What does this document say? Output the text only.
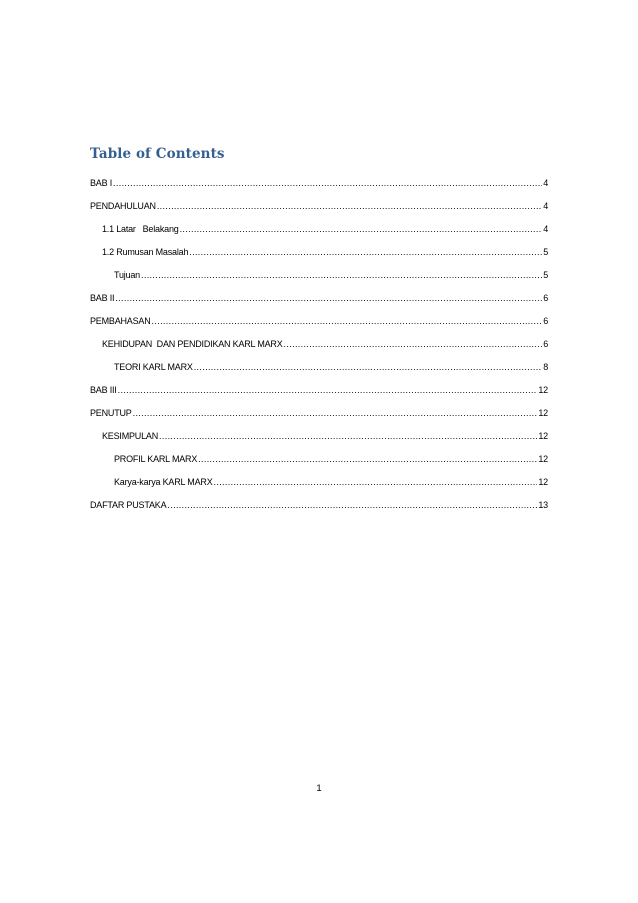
Table of Contents
BAB I .....	4
PENDAHULUAN .....	4
1.1 Latar   Belakang .....	4
1.2 Rumusan Masalah .....	5
Tujuan .....	5
BAB II .....	6
PEMBAHASAN .....	6
KEHIDUPAN  DAN PENDIDIKAN KARL MARX .....	6
TEORI KARL MARX .....	8
BAB III .....	12
PENUTUP .....	12
KESIMPULAN .....	12
PROFIL KARL MARX .....	12
Karya-karya KARL MARX .....	12
DAFTAR PUSTAKA .....	13
1
